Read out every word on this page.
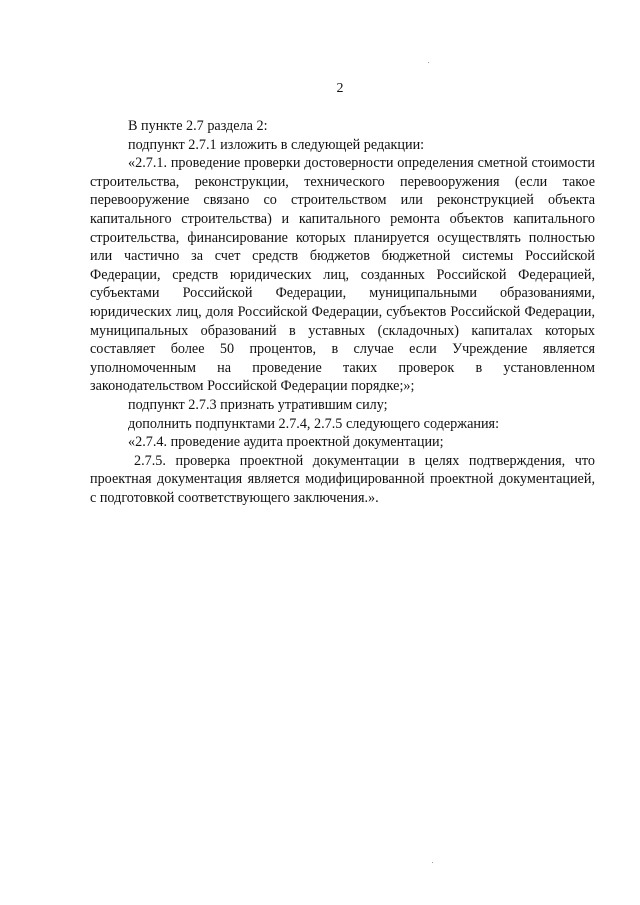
2

В пункте 2.7 раздела 2:

подпункт 2.7.1 изложить в следующей редакции:

«2.7.1. проведение проверки достоверности определения сметной стоимости строительства, реконструкции, технического перевооружения (если такое перевооружение связано со строительством или реконструкцией объекта капитального строительства) и капитального ремонта объектов капитального строительства, финансирование которых планируется осуществлять полностью или частично за счет средств бюджетов бюджетной системы Российской Федерации, средств юридических лиц, созданных Российской Федерацией, субъектами Российской Федерации, муниципальными образованиями, юридических лиц, доля Российской Федерации, субъектов Российской Федерации, муниципальных образований в уставных (складочных) капиталах которых составляет более 50 процентов, в случае если Учреждение является уполномоченным на проведение таких проверок в установленном законодательством Российской Федерации порядке;»;

подпункт 2.7.3 признать утратившим силу;

дополнить подпунктами 2.7.4, 2.7.5 следующего содержания:

«2.7.4. проведение аудита проектной документации;

2.7.5. проверка проектной документации в целях подтверждения, что проектная документация является модифицированной проектной документацией, с подготовкой соответствующего заключения.».
